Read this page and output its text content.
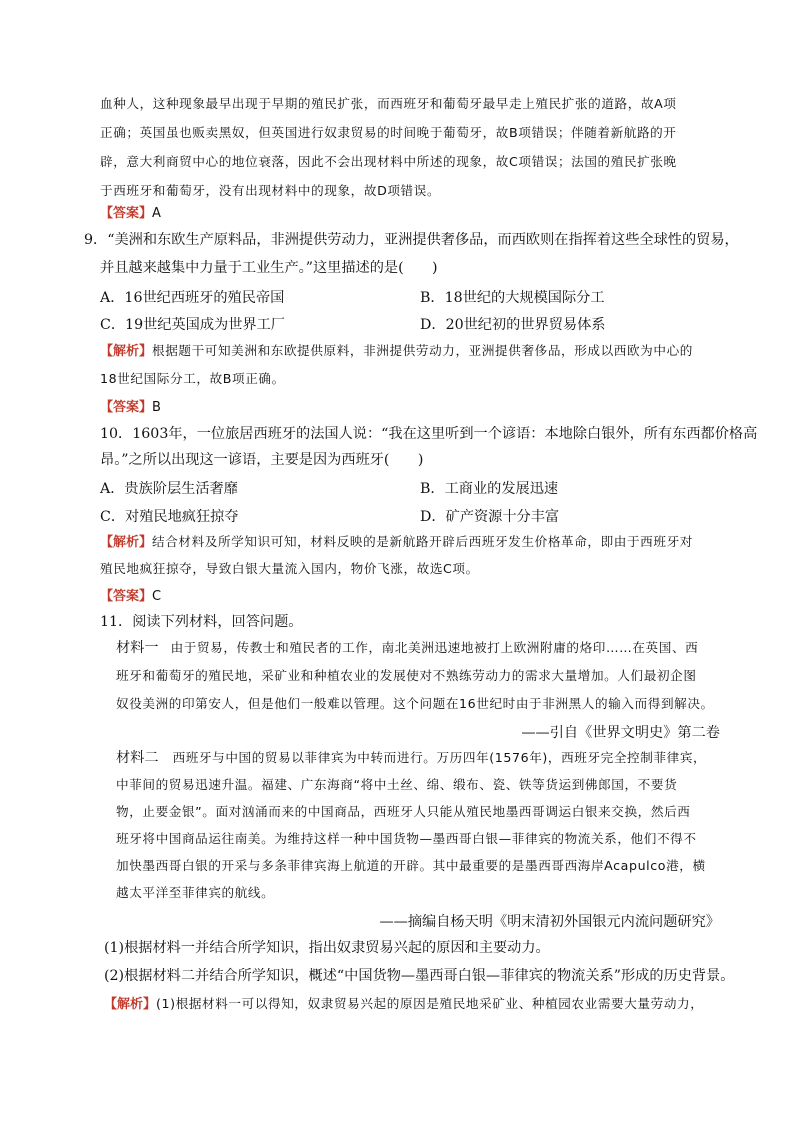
血种人，这种现象最早出现于早期的殖民扩张，而西班牙和葡萄牙最早走上殖民扩张的道路，故A项
正确；英国虽也贩卖黑奴，但英国进行奴隶贸易的时间晚于葡萄牙，故B项错误；伴随着新航路的开
辟，意大利商贸中心的地位衰落，因此不会出现材料中所述的现象，故C项错误；法国的殖民扩张晚
于西班牙和葡萄牙，没有出现材料中的现象，故D项错误。
【答案】A
9．“美洲和东欧生产原料品，非洲提供劳动力，亚洲提供奢侈品，而西欧则在指挥着这些全球性的贸易，
并且越来越集中力量于工业生产。”这里描述的是(　　)
A．16世纪西班牙的殖民帝国	B．18世纪的大规模国际分工
C．19世纪英国成为世界工厂	D．20世纪初的世界贸易体系
【解析】根据题干可知美洲和东欧提供原料，非洲提供劳动力，亚洲提供奢侈品，形成以西欧为中心的
18世纪国际分工，故B项正确。
【答案】B
10．1603年，一位旅居西班牙的法国人说：“我在这里听到一个谚语：本地除白银外，所有东西都价格高
昂。”之所以出现这一谚语，主要是因为西班牙(　　)
A．贵族阶层生活奢靡	B．工商业的发展迅速
C．对殖民地疯狂掠夺	D．矿产资源十分丰富
【解析】结合材料及所学知识可知，材料反映的是新航路开辟后西班牙发生价格革命，即由于西班牙对
殖民地疯狂掠夺，导致白银大量流入国内，物价飞涨，故选C项。
【答案】C
11．阅读下列材料，回答问题。
材料一 由于贸易，传教士和殖民者的工作，南北美洲迅速地被打上欧洲附庸的烙印……在英国、西
班牙和葡萄牙的殖民地，采矿业和种植农业的发展使对不熟练劳动力的需求大量增加。人们最初企图
奴役美洲的印第安人，但是他们一般难以管理。这个问题在16世纪时由于非洲黑人的输入而得到解决。
——引自《世界文明史》第二卷
材料二 西班牙与中国的贸易以菲律宾为中转而进行。万历四年(1576年)，西班牙完全控制菲律宾，
中菲间的贸易迅速升温。福建、广东海商“将中土丝、绵、缎布、瓷、铁等货运到佛郎国，不要货
物，止要金银”。面对汹涌而来的中国商品，西班牙人只能从殖民地墨西哥调运白银来交换，然后西
班牙将中国商品运往南美。为维持这样一种中国货物—墨西哥白银—菲律宾的物流关系，他们不得不
加快墨西哥白银的开采与多条菲律宾海上航道的开辟。其中最重要的是墨西哥西海岸Acapulco港，横
越太平洋至菲律宾的航线。
——摘编自杨天明《明末清初外国银元内流问题研究》
(1)根据材料一并结合所学知识，指出奴隶贸易兴起的原因和主要动力。
(2)根据材料二并结合所学知识，概述“中国货物—墨西哥白银—菲律宾的物流关系”形成的历史背景。
【解析】(1)根据材料一可以得知，奴隶贸易兴起的原因是殖民地采矿业、种植园农业需要大量劳动力，
